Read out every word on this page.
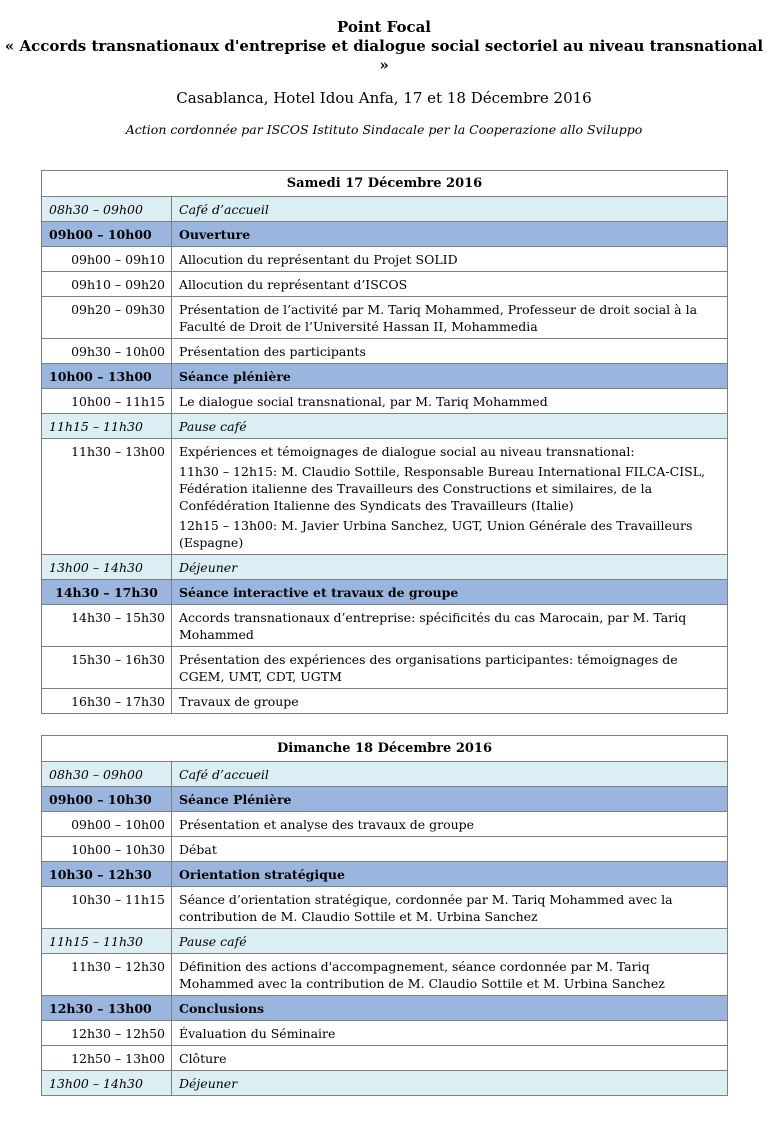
Point Focal
« Accords transnationaux d'entreprise et dialogue social sectoriel au niveau transnational »
Casablanca, Hotel Idou Anfa, 17 et 18 Décembre 2016
Action cordonnée par ISCOS Istituto Sindacale per la Cooperazione allo Sviluppo
Samedi 17 Décembre 2016	
08h30 – 09h00	Café d’accueil

09h00 – 10h00	Ouverture

09h00 – 09h10	Allocution du représentant du Projet SOLID

09h10 – 09h20	Allocution du représentant d’ISCOS

09h20 – 09h30	Présentation de l’activité par M. Tariq Mohammed, Professeur de droit social à la Faculté de Droit de l’Université Hassan II, Mohammedia

09h30 – 10h00	Présentation des participants

10h00 – 13h00	Séance plénière

10h00 – 11h15	Le dialogue social transnational, par M. Tariq Mohammed

11h15 – 11h30	Pause café

11h30 – 13h00	Expériences et témoignages de dialogue social au niveau transnational:
11h30 – 12h15: M. Claudio Sottile, Responsable Bureau International FILCA-CISL, Fédération italienne des Travailleurs des Constructions et similaires, de la Confédération Italienne des Syndicats des Travailleurs (Italie)
12h15 – 13h00: M. Javier Urbina Sanchez, UGT, Union Générale des Travailleurs (Espagne)

13h00 – 14h30	Déjeuner

14h30 – 17h30	Séance interactive et travaux de groupe

14h30 – 15h30	Accords transnationaux d’entreprise: spécificités du cas Marocain, par M. Tariq Mohammed

15h30 – 16h30	Présentation des expériences des organisations participantes: témoignages de CGEM, UMT, CDT, UGTM

16h30 – 17h30	Travaux de groupe
Dimanche 18 Décembre 2016	
08h30 – 09h00	Café d’accueil

09h00 – 10h30	Séance Plénière

09h00 – 10h00	Présentation et analyse des travaux de groupe

10h00 – 10h30	Débat

10h30 – 12h30	Orientation stratégique

10h30 – 11h15	Séance d’orientation stratégique, cordonnée par M. Tariq Mohammed avec la contribution de M. Claudio Sottile et M. Urbina Sanchez

11h15 – 11h30	Pause café

11h30 – 12h30	Définition des actions d'accompagnement, séance cordonnée par M. Tariq Mohammed avec la contribution de M. Claudio Sottile et M. Urbina Sanchez

12h30 – 13h00	Conclusions

12h30 – 12h50	Évaluation du Séminaire

12h50 – 13h00	Clôture

13h00 – 14h30	Déjeuner
